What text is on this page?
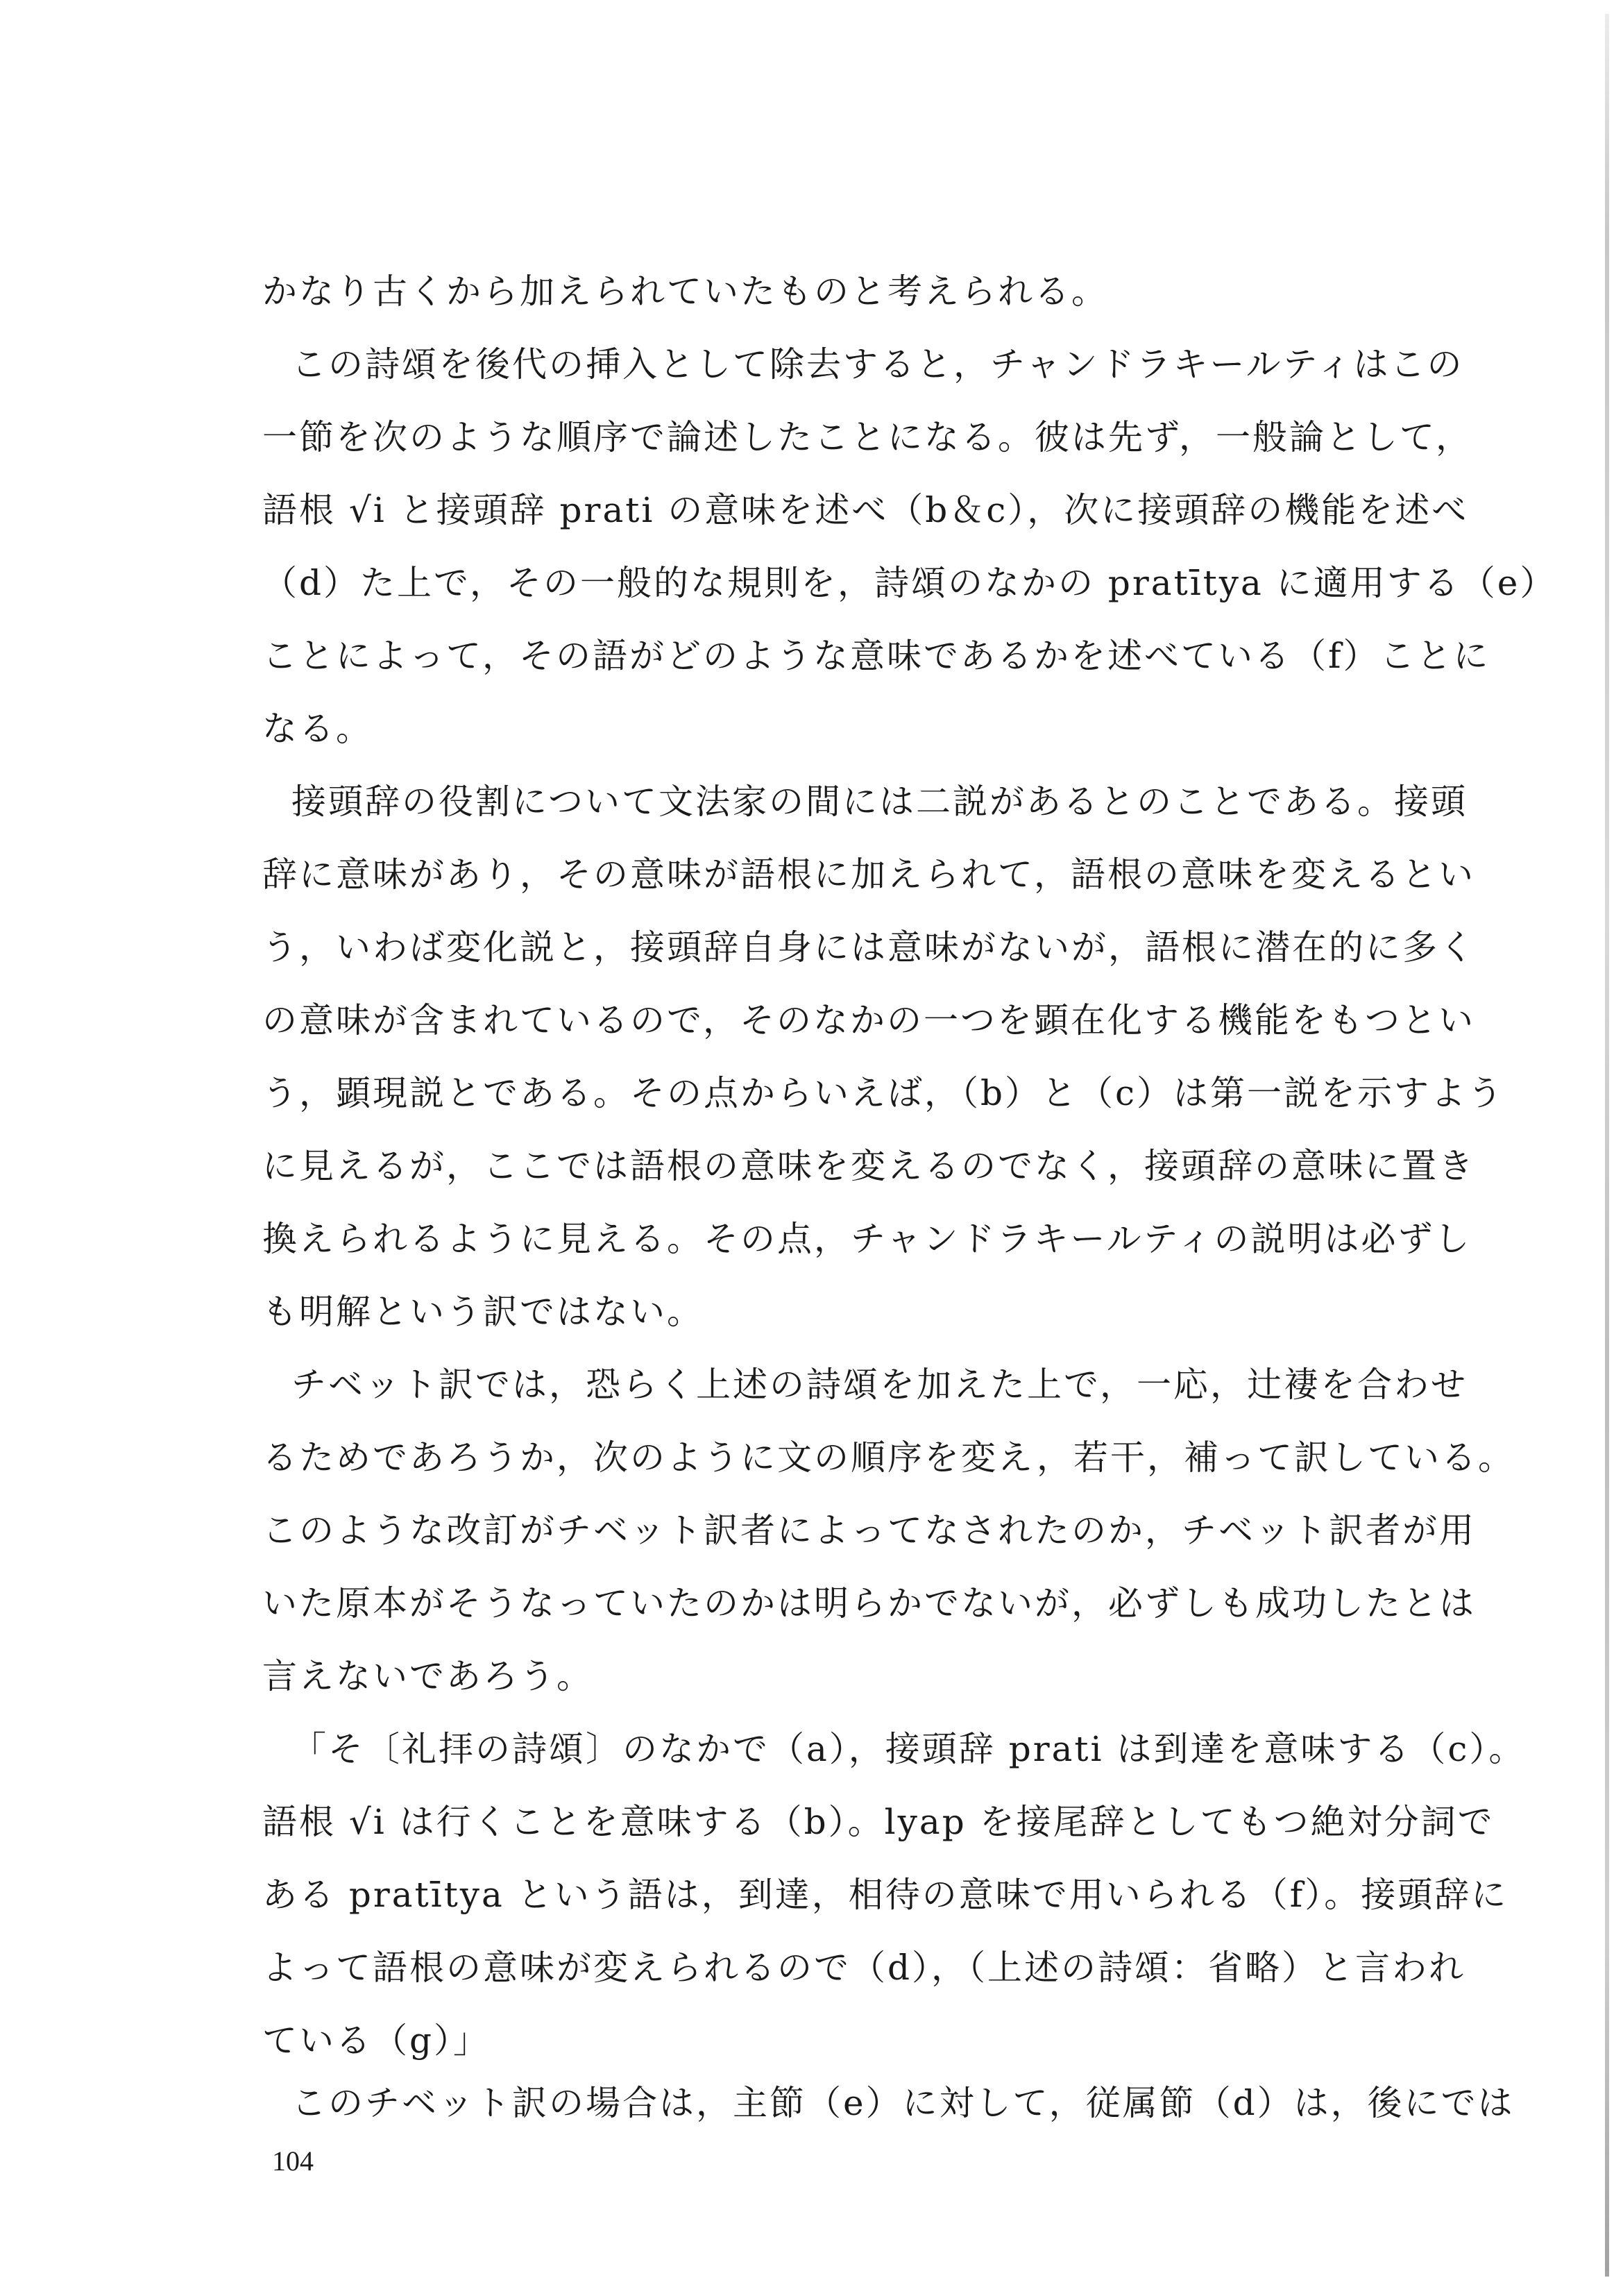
かなり古くから加えられていたものと考えられる。
この詩頌を後代の挿入として除去すると，チャンドラキールティはこの
一節を次のような順序で論述したことになる。彼は先ず，一般論として，
語根 √i と接頭辞 prati の意味を述べ（b＆c），次に接頭辞の機能を述べ
（d）た上で，その一般的な規則を，詩頌のなかの pratītya に適用する（e）
ことによって，その語がどのような意味であるかを述べている（f）ことに
なる。
接頭辞の役割について文法家の間には二説があるとのことである。接頭
辞に意味があり，その意味が語根に加えられて，語根の意味を変えるとい
う，いわば変化説と，接頭辞自身には意味がないが，語根に潜在的に多く
の意味が含まれているので，そのなかの一つを顕在化する機能をもつとい
う，顕現説とである。その点からいえば，（b）と（c）は第一説を示すよう
に見えるが，ここでは語根の意味を変えるのでなく，接頭辞の意味に置き
換えられるように見える。その点，チャンドラキールティの説明は必ずし
も明解という訳ではない。
チベット訳では，恐らく上述の詩頌を加えた上で，一応，辻褄を合わせ
るためであろうか，次のように文の順序を変え，若干，補って訳している。
このような改訂がチベット訳者によってなされたのか，チベット訳者が用
いた原本がそうなっていたのかは明らかでないが，必ずしも成功したとは
言えないであろう。
「そ〔礼拝の詩頌〕のなかで（a），接頭辞 prati は到達を意味する（c）。
語根 √i は行くことを意味する（b）。lyap を接尾辞としてもつ絶対分詞で
ある pratītya という語は，到達，相待の意味で用いられる（f）。接頭辞に
よって語根の意味が変えられるので（d），（上述の詩頌：省略）と言われ
ている（g）」
このチベット訳の場合は，主節（e）に対して，従属節（d）は，後にでは
104
